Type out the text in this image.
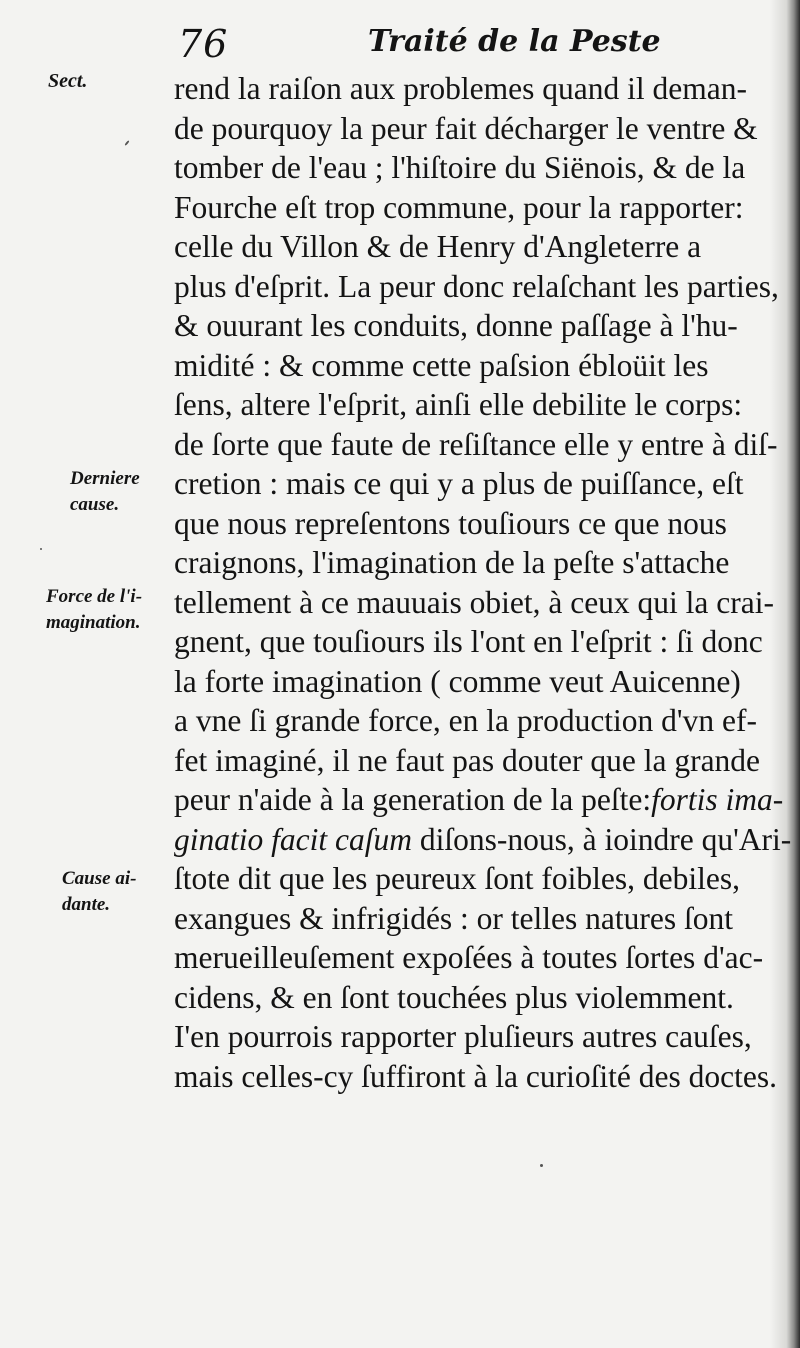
76	Traité de la Peste
Sect.
Derniere
cause.
Force de l'i-
magination.
Cause ai-
dante.
rend la raiſon aux problemes quand il deman-
de pourquoy la peur fait décharger le ventre &
tomber de l'eau ; l'hiſtoire du Siënois, & de la
Fourche eſt trop commune, pour la rapporter:
celle du Villon & de Henry d'Angleterre a
plus d'eſprit. La peur donc relaſchant les parties,
& ouurant les conduits, donne paſſage à l'hu-
midité : & comme cette paſsion ébloüit les
ſens, altere l'eſprit, ainſi elle debilite le corps:
de ſorte que faute de reſiſtance elle y entre à diſ-
cretion : mais ce qui y a plus de puiſſance, eſt
que nous repreſentons touſiours ce que nous
craignons, l'imagination de la peſte s'attache
tellement à ce mauuais obiet, à ceux qui la crai-
gnent, que touſiours ils l'ont en l'eſprit : ſi donc
la forte imagination ( comme veut Auicenne)
a vne ſi grande force, en la production d'vn ef-
fet imaginé, il ne faut pas douter que la grande
peur n'aide à la generation de la peſte:fortis ima-
ginatio facit caſum diſons-nous, à ioindre qu'Ari-
ſtote dit que les peureux ſont foibles, debiles,
exangues & infrigidés : or telles natures ſont
merueilleuſement expoſées à toutes ſortes d'ac-
cidens, & en ſont touchées plus violemment.
I'en pourrois rapporter pluſieurs autres cauſes,
mais celles-cy ſuffiront à la curioſité des doctes.
